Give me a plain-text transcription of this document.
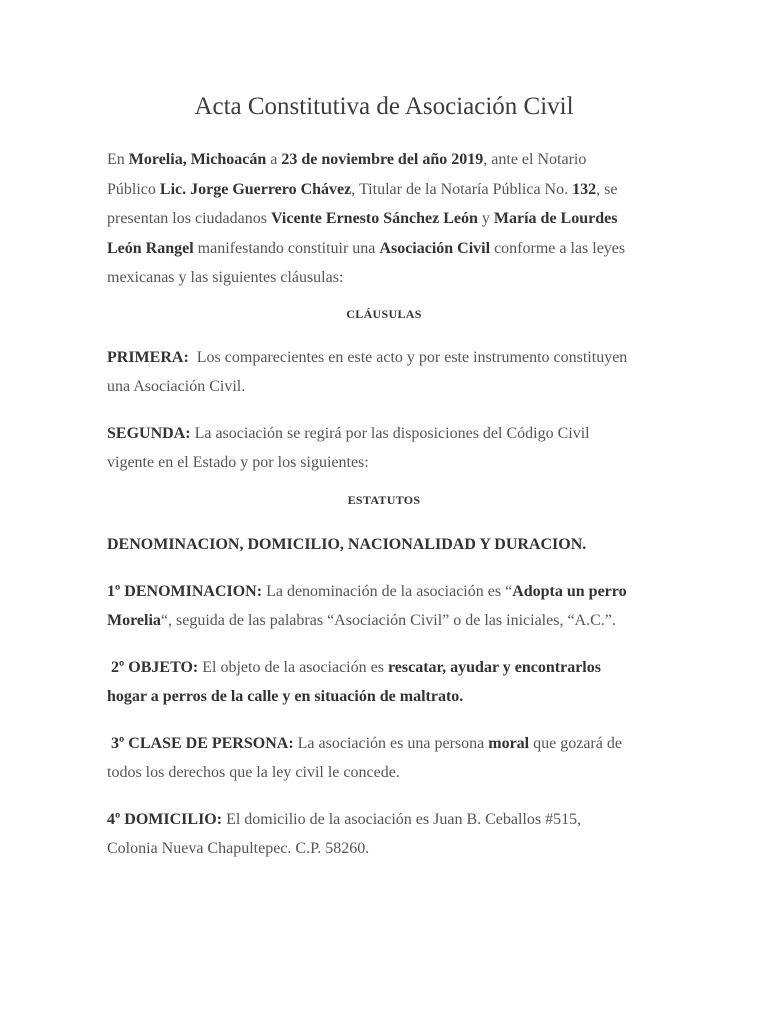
Acta Constitutiva de Asociación Civil

En Morelia, Michoacán a 23 de noviembre del año 2019, ante el Notario

Público Lic. Jorge Guerrero Chávez, Titular de la Notaría Pública No. 132, se

presentan los ciudadanos Vicente Ernesto Sánchez León y María de Lourdes

León Rangel manifestando constituir una Asociación Civil conforme a las leyes

mexicanas y las siguientes cláusulas:

CLÁUSULAS

PRIMERA:  Los comparecientes en este acto y por este instrumento constituyen

una Asociación Civil.

SEGUNDA: La asociación se regirá por las disposiciones del Código Civil

vigente en el Estado y por los siguientes:

ESTATUTOS

DENOMINACION, DOMICILIO, NACIONALIDAD Y DURACION.

1º DENOMINACION: La denominación de la asociación es “Adopta un perro

Morelia“, seguida de las palabras “Asociación Civil” o de las iniciales, “A.C.”.

2º OBJETO: El objeto de la asociación es rescatar, ayudar y encontrarlos

hogar a perros de la calle y en situación de maltrato.

3º CLASE DE PERSONA: La asociación es una persona moral que gozará de

todos los derechos que la ley civil le concede.

4º DOMICILIO: El domicilio de la asociación es Juan B. Ceballos #515,

Colonia Nueva Chapultepec. C.P. 58260.
